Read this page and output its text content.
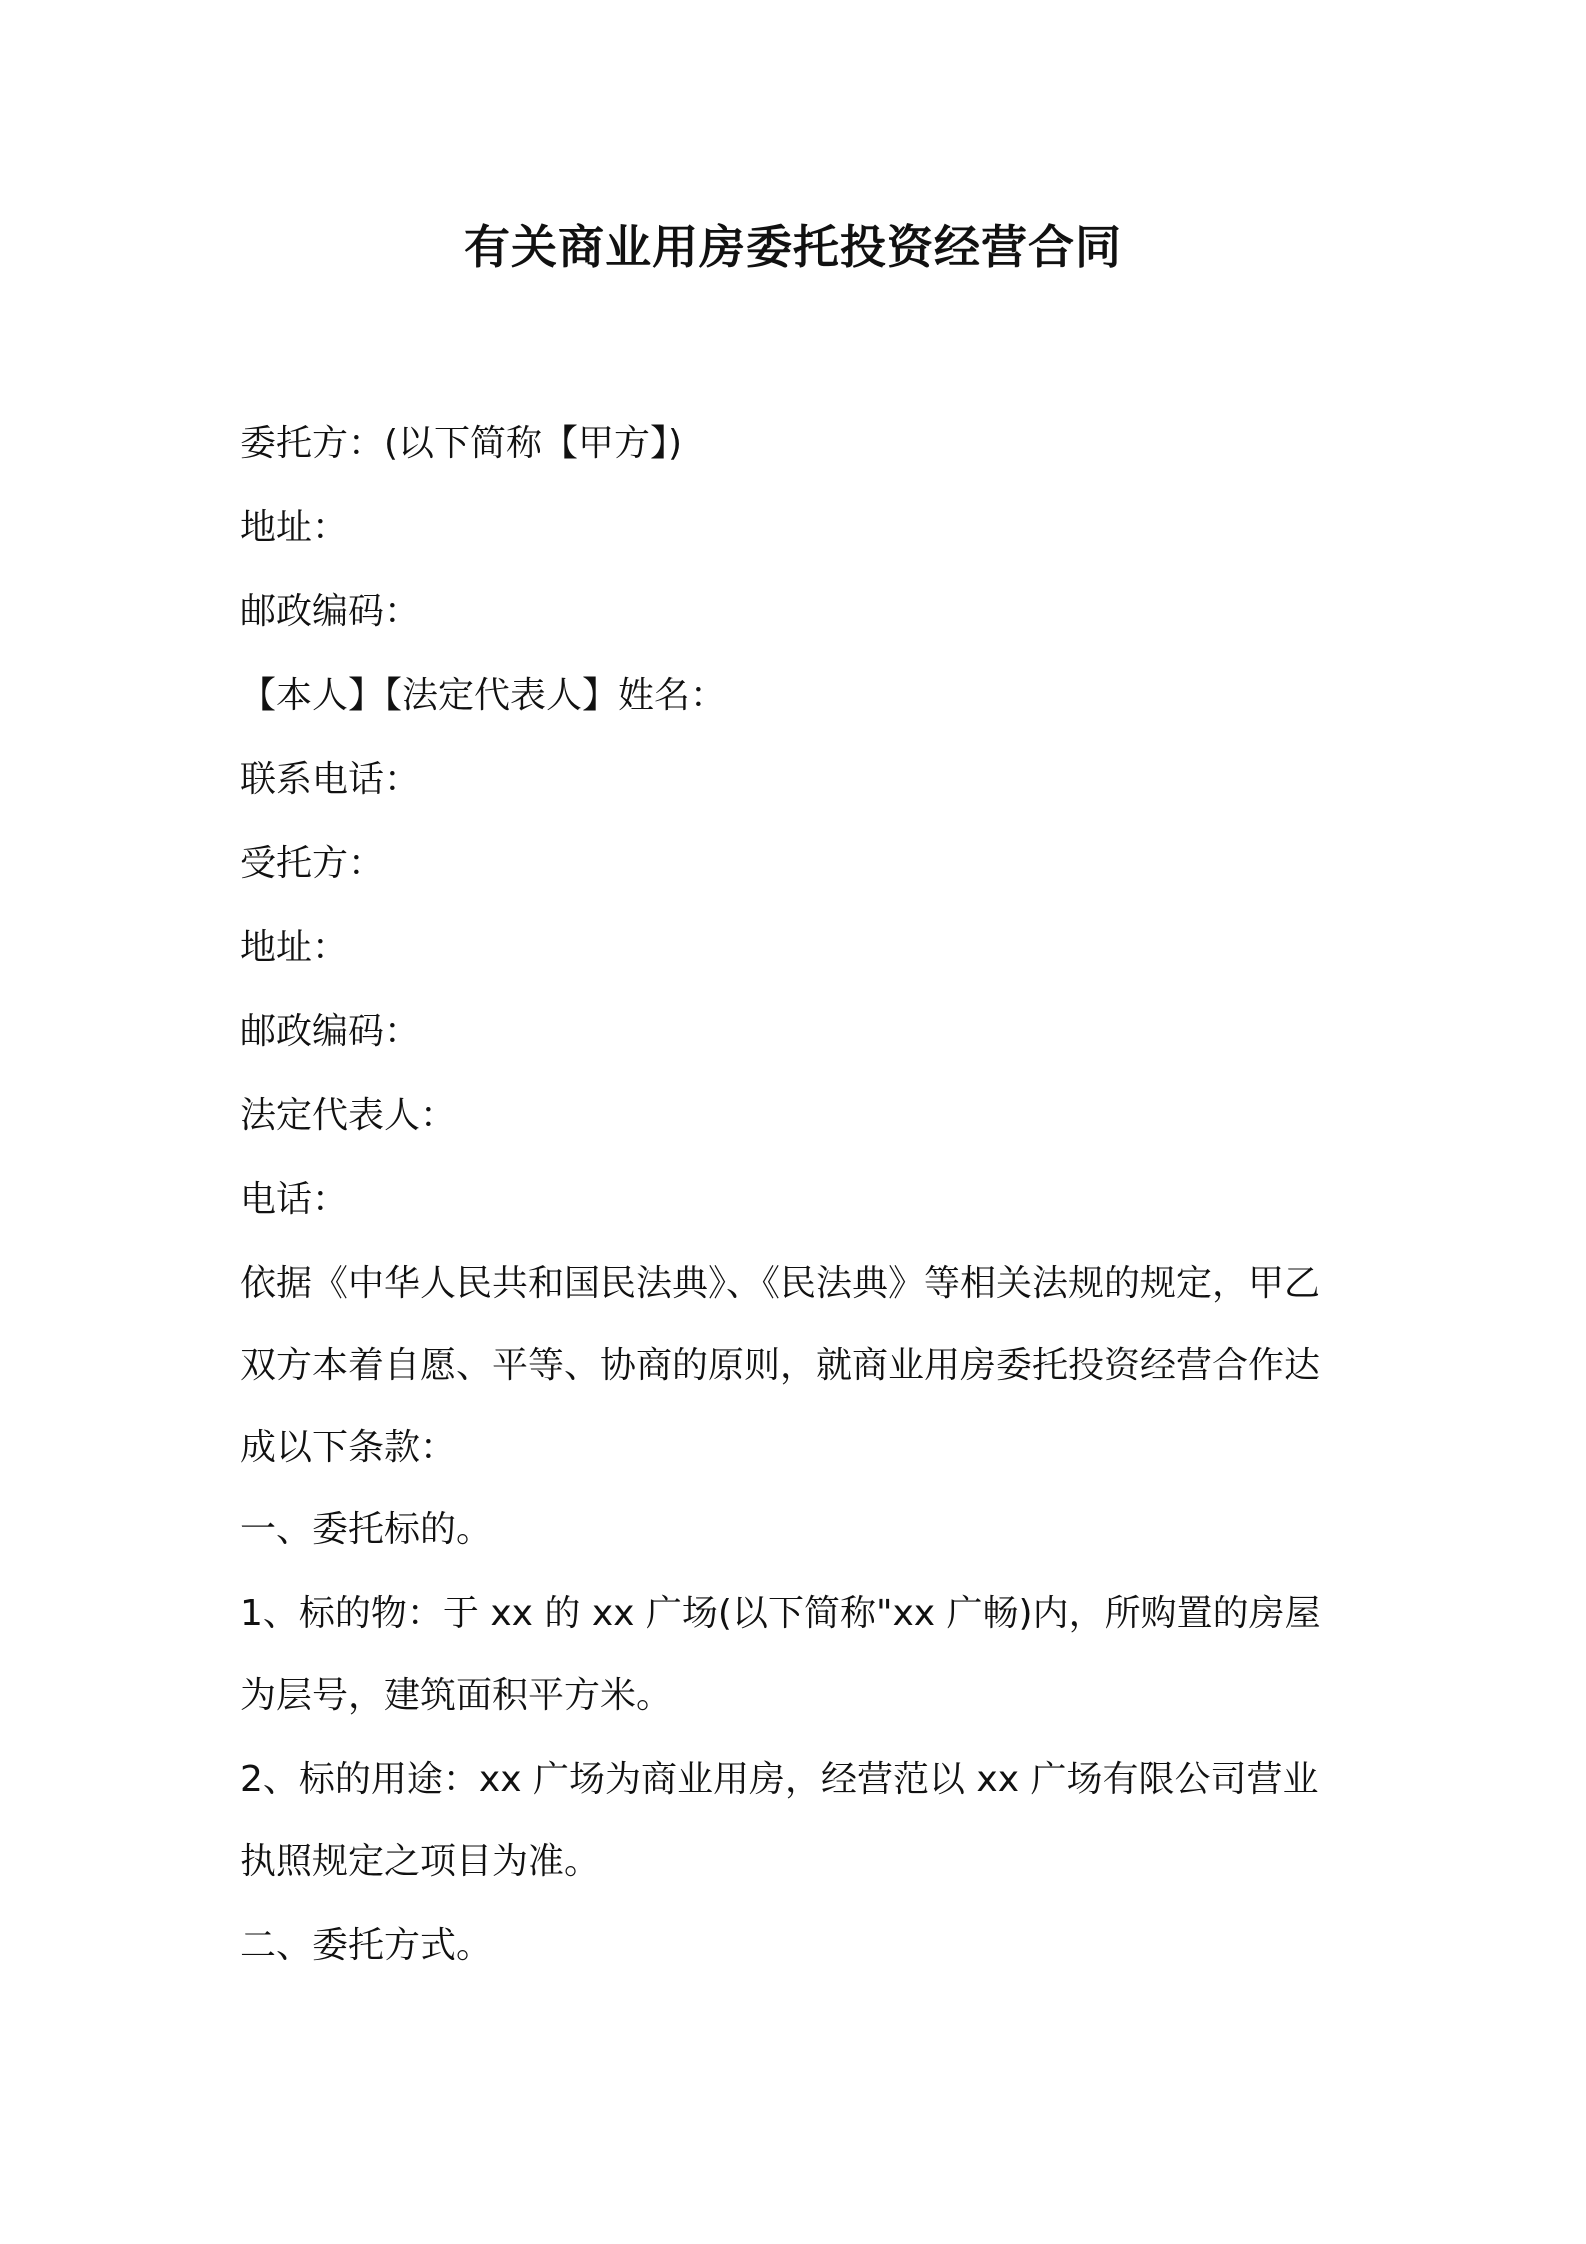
有关商业用房委托投资经营合同
委托方：(以下简称【甲方】)
地址：
邮政编码：
【本人】【法定代表人】姓名：
联系电话：
受托方：
地址：
邮政编码：
法定代表人：
电话：
依据《中华人民共和国民法典》、《民法典》等相关法规的规定，甲乙
双方本着自愿、平等、协商的原则，就商业用房委托投资经营合作达
成以下条款：
一、委托标的。
1、标的物：于 xx 的 xx 广场(以下简称"xx 广畅)内，所购置的房屋
为层号，建筑面积平方米。
2、标的用途：xx 广场为商业用房，经营范以 xx 广场有限公司营业
执照规定之项目为准。
二、委托方式。
